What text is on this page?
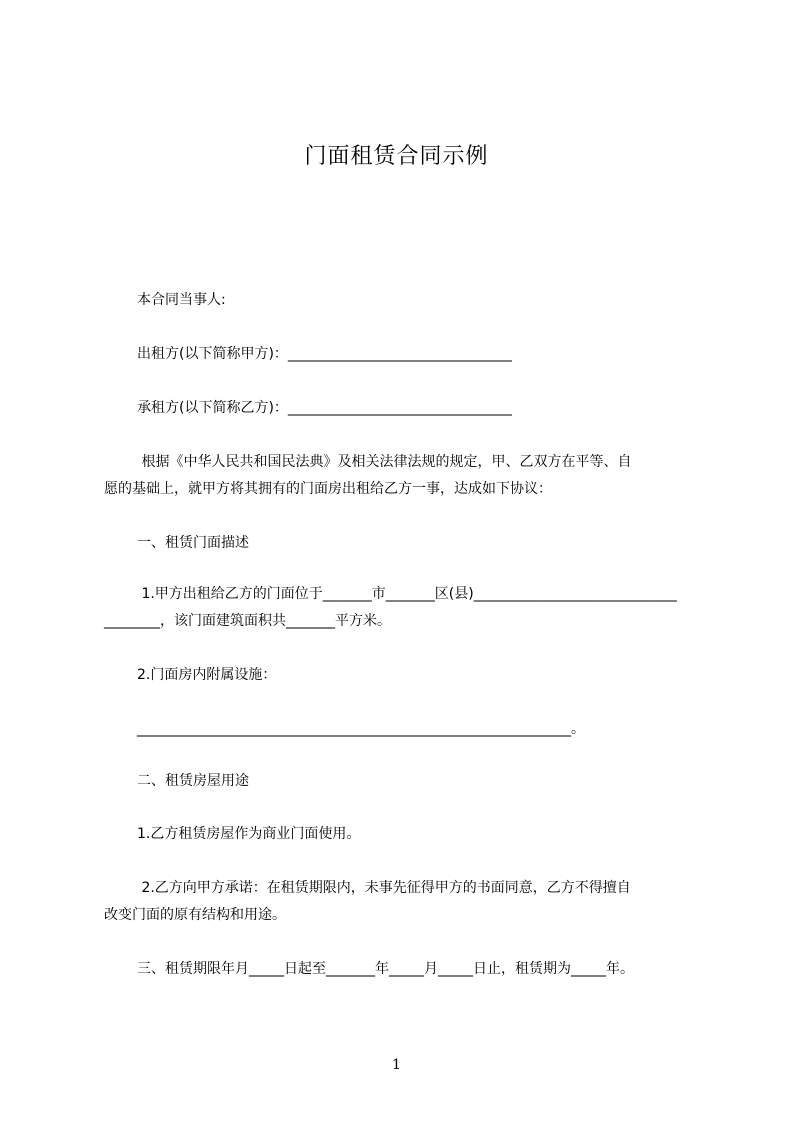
门面租赁合同示例
本合同当事人:
出租方(以下简称甲方)：________________________________
承租方(以下简称乙方)：________________________________
根据《中华人民共和国民法典》及相关法律法规的规定，甲、乙双方在平等、自
愿的基础上，就甲方将其拥有的门面房出租给乙方一事，达成如下协议：
一、租赁门面描述
1.甲方出租给乙方的门面位于_______市_______区(县)_____________________________
________，该门面建筑面积共_______平方米。
2.门面房内附属设施：
______________________________________________________________。
二、租赁房屋用途
1.乙方租赁房屋作为商业门面使用。
2.乙方向甲方承诺：在租赁期限内，未事先征得甲方的书面同意，乙方不得擅自
改变门面的原有结构和用途。
三、租赁期限年月_____日起至_______年_____月_____日止，租赁期为_____年。
1
